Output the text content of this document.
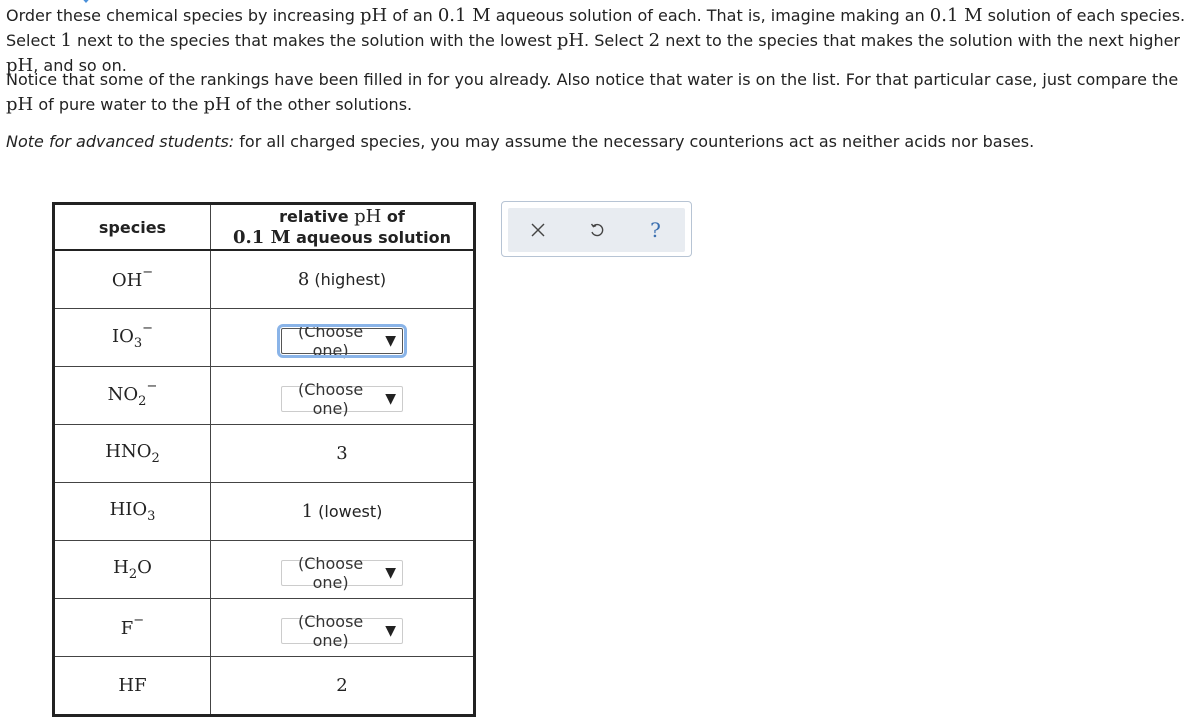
Order these chemical species by increasing pH of an 0.1 M aqueous solution of each. That is, imagine making an 0.1 M solution of each species. Select 1 next to the species that makes the solution with the lowest pH. Select 2 next to the species that makes the solution with the next higher pH, and so on.

Notice that some of the rankings have been filled in for you already. Also notice that water is on the list. For that particular case, just compare the pH of pure water to the pH of the other solutions.

Note for advanced students: for all charged species, you may assume the necessary counterions act as neither acids nor bases.

species	relative pH of
0.1 M aqueous solution
OH−	8 (highest)
$IO_3^-$	(Choose one) ▼

$NO_2^-$	(Choose one) ▼

$HNO_2$	3
$HIO_3$	1 (lowest)
$H_2O$	(Choose one) ▼

F−	(Choose one) ▼

HF	2
?
